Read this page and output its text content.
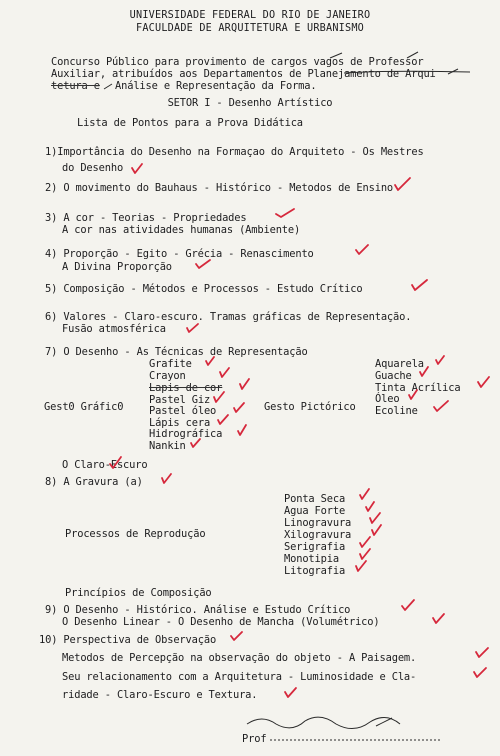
UNIVERSIDADE FEDERAL DO RIO DE JANEIRO
FACULDADE DE ARQUITETURA E URBANISMO
Concurso Público para provimento de cargos vagos de Professor
Auxiliar, atribuídos aos Departamentos de Planejamento de Arqui
tetura e Análise e Representação da Forma.
SETOR I - Desenho Artístico
Lista de Pontos para a Prova Didática
1)Importância do Desenho na Formaçao do Arquiteto - Os Mestres
do Desenho
2) O movimento do Bauhaus - Histórico - Metodos de Ensino
3) A cor - Teorias - Propriedades
A cor nas atividades humanas (Ambiente)
4) Proporção - Egito - Grécia - Renascimento
A Divina Proporção
5) Composição - Métodos e Processos - Estudo Crítico
6) Valores - Claro-escuro. Tramas gráficas de Representação.
Fusão atmosférica
7) O Desenho - As Técnicas de Representação
Gest0 Gráfic0
Grafite
Crayon
Lapis de cor
Pastel Giz
Pastel óleo
Lápis cera
Hidrográfica
Nankin
Gesto Pictórico
Aquarela
Guache
Tinta Acrílica
Óleo
Ecoline
O Claro-Escuro
8) A Gravura (a)
Processos de Reprodução
Ponta Seca
Agua Forte
Linogravura
Xilogravura
Serigrafia
Monotipia
Litografia
Princípios de Composição
9) O Desenho - Histórico. Análise e Estudo Crítico
O Desenho Linear - O Desenho de Mancha (Volumétrico)
10) Perspectiva de Observação
Metodos de Percepção na observação do objeto - A Paisagem.
Seu relacionamento com a Arquitetura - Luminosidade e Cla-
ridade - Claro-Escuro e Textura.
Prof
